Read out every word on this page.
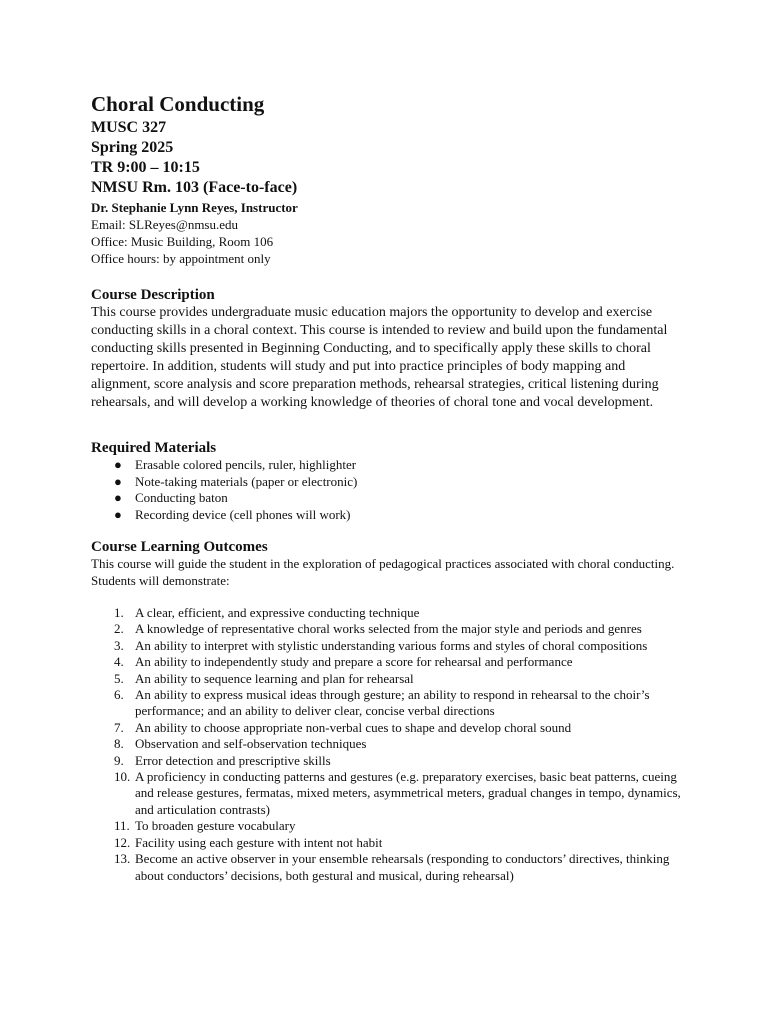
Choral Conducting

MUSC 327

Spring 2025

TR 9:00 – 10:15

NMSU Rm. 103 (Face-to-face)

Dr. Stephanie Lynn Reyes, Instructor

Email: SLReyes@nmsu.edu

Office: Music Building, Room 106

Office hours: by appointment only

Course Description

This course provides undergraduate music education majors the opportunity to develop and exercise conducting skills in a choral context. This course is intended to review and build upon the fundamental conducting skills presented in Beginning Conducting, and to specifically apply these skills to choral repertoire. In addition, students will study and put into practice principles of body mapping and alignment, score analysis and score preparation methods, rehearsal strategies, critical listening during rehearsals, and will develop a working knowledge of theories of choral tone and vocal development.

Required Materials
● Erasable colored pencils, ruler, highlighter
● Note-taking materials (paper or electronic)
● Conducting baton
● Recording device (cell phones will work)
Course Learning Outcomes

This course will guide the student in the exploration of pedagogical practices associated with choral conducting. Students will demonstrate:

1. A clear, efficient, and expressive conducting technique
2. A knowledge of representative choral works selected from the major style and periods and genres
3. An ability to interpret with stylistic understanding various forms and styles of choral compositions
4. An ability to independently study and prepare a score for rehearsal and performance
5. An ability to sequence learning and plan for rehearsal
6. An ability to express musical ideas through gesture; an ability to respond in rehearsal to the choir’s performance; and an ability to deliver clear, concise verbal directions
7. An ability to choose appropriate non-verbal cues to shape and develop choral sound
8. Observation and self-observation techniques
9. Error detection and prescriptive skills
10. A proficiency in conducting patterns and gestures (e.g. preparatory exercises, basic beat patterns, cueing and release gestures, fermatas, mixed meters, asymmetrical meters, gradual changes in tempo, dynamics, and articulation contrasts)
11. To broaden gesture vocabulary
12. Facility using each gesture with intent not habit
13. Become an active observer in your ensemble rehearsals (responding to conductors’ directives, thinking about conductors’ decisions, both gestural and musical, during rehearsal)
